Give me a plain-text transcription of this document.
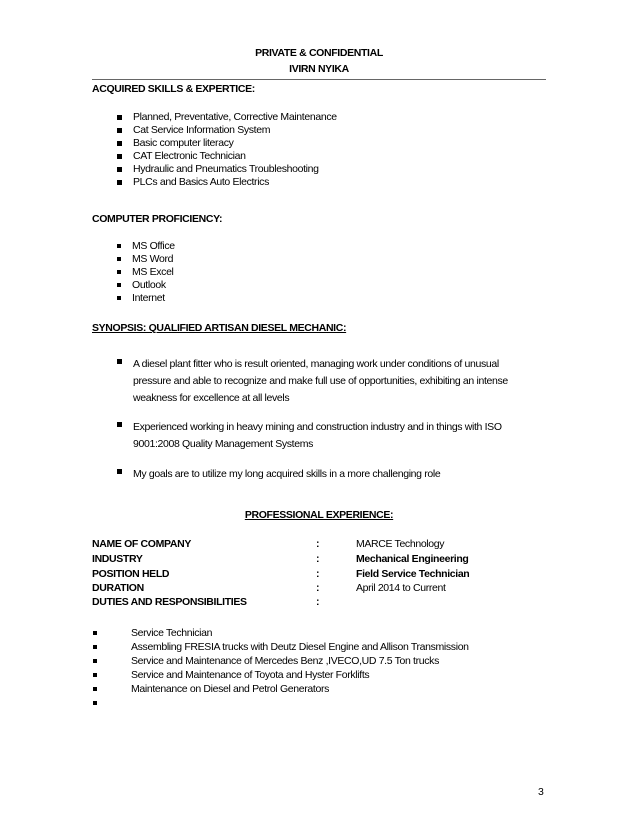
PRIVATE & CONFIDENTIAL
IVIRN NYIKA
ACQUIRED SKILLS & EXPERTICE:
Planned, Preventative, Corrective Maintenance
Cat Service Information System
Basic computer literacy
CAT Electronic Technician
Hydraulic and Pneumatics Troubleshooting
PLCs and Basics Auto Electrics
COMPUTER PROFICIENCY:
MS Office
MS Word
MS Excel
Outlook
Internet
SYNOPSIS: QUALIFIED ARTISAN DIESEL MECHANIC:

A diesel plant fitter who is result oriented, managing work under conditions of unusual pressure and able to recognize and make full use of opportunities, exhibiting an intense weakness for excellence at all levels

Experienced working in heavy mining and construction industry and in things with ISO 9001:2008 Quality Management Systems

My goals are to utilize my long acquired skills in a more challenging role

PROFESSIONAL EXPERIENCE:
NAME OF COMPANY	:	MARCE Technology
INDUSTRY	:	Mechanical Engineering
POSITION HELD	:	Field Service Technician
DURATION	:	April 2014 to Current
DUTIES AND RESPONSIBILITIES	:
Service Technician
Assembling FRESIA trucks with Deutz Diesel Engine and Allison Transmission
Service and Maintenance of Mercedes Benz ,IVECO,UD 7.5 Ton trucks
Service and Maintenance of Toyota and Hyster Forklifts
Maintenance on Diesel and Petrol Generators
3
